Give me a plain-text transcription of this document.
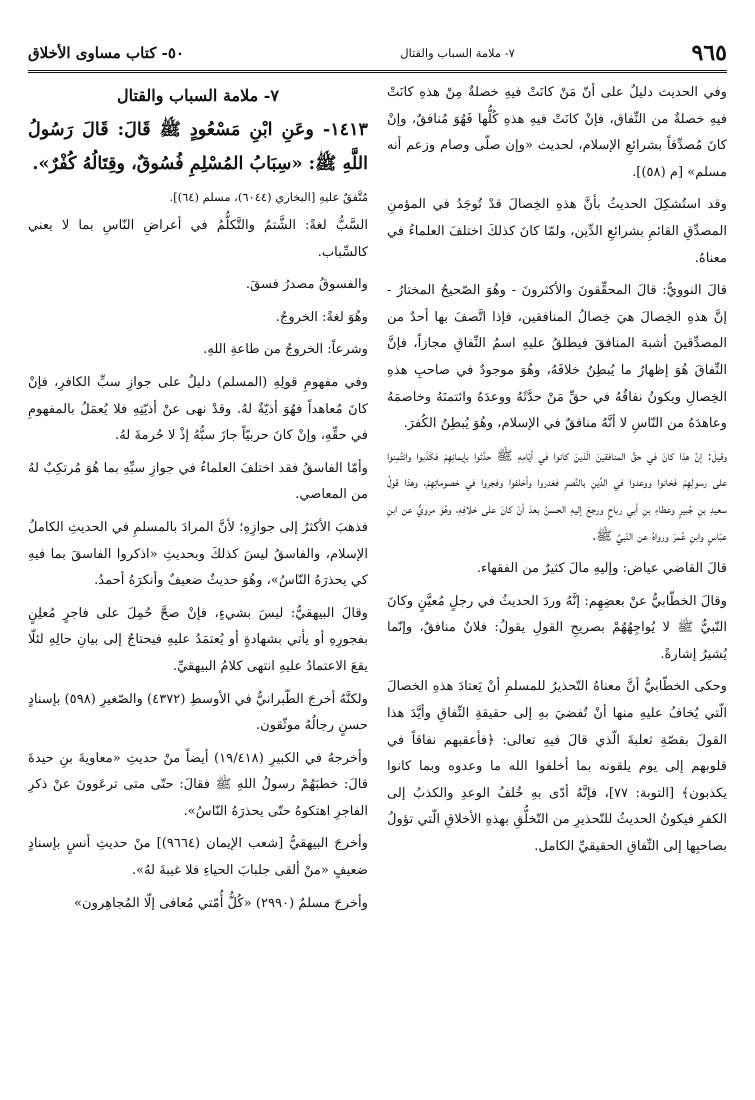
٩٦٥
٧- ملامة السباب والقتال
٥٠- كتاب مساوى الأخلاق

وفي الحديث دليلٌ على أنّ مَنْ كانَتْ فيهِ خصلةٌ مِنْ هذهِ كانَتْ فيهِ خصلةٌ من النِّفاق، فإنْ كانَتْ فيهِ هذهِ كُلُّها فَهُوَ مُنافقٌ، وإنْ كانَ مُصدِّقاً بشرائعِ الإسلام، لحديث «وإن صلّى وصام وزعم أنه مسلم» [م (٥٨)].

وقد استُشكِلَ الحديثُ بأنَّ هذهِ الخِصالَ قدْ تُوجَدُ في المؤمنِ المصدِّقِ القائمِ بشرائعِ الدِّين، ولمّا كانَ كذلكَ اختلفَ العلماءُ في معناهُ.

قالَ النوويُّ: قالَ المحقِّقونَ والأكثرونَ - وهُوَ الصّحيحُ المختارُ - إنَّ هذهِ الخِصالَ هيَ خِصالُ المنافقين، فإذا اتَّصفَ بها أحدٌ من المصدِّقينَ أشبهَ المنافقَ فيطلقُ عليهِ اسمُ النِّفاقِ مجازاً، فإنَّ النِّفاقَ هُوَ إظهارُ ما يُبطِنُ خلافَهُ، وهُوَ موجودٌ في صاحبِ هذهِ الخِصالِ ويكونُ نفاقُهُ في حقِّ مَنْ حدَّثَهُ ووعدَهُ وائتمنَهُ وخاصمَهُ وعاهدَهُ من النّاسِ لا أنَّهُ منافقٌ في الإسلام، وهُوَ يُبطِنُ الكُفرَ.

وقيلَ: إنَّ هذا كانَ في حقِّ المنافقينَ الّذينَ كانوا في أيّامِهِ ﷺ حدَّثوا بإيمانِهِمْ فكَذَبوا وائتُمِنوا على رسولِهِمْ فخانوا ووعدوا في الدِّينِ بالنَّصرِ فغدروا وأخلفوا وفجروا في خصوماتِهِمْ، وهذا قولُ سعيدِ بنِ جُبيرٍ وعطاءِ بنِ أبي رباحٍ ورجعَ إليهِ الحسنُ بعدَ أنْ كانَ على خلافِهِ، وهُوَ مرويٌّ عن ابنِ عبّاسٍ وابنِ عُمرَ ورواهُ عن النّبيِّ ﷺ.

قالَ القاضي عياض: وإليهِ مالَ كثيرٌ من الفقهاء.

وقالَ الخطّابيُّ عنْ بعضِهِم: إنَّهُ وردَ الحديثُ في رجلٍ مُعيَّنٍ وكانَ النّبيُّ ﷺ لا يُواجِهُهُمْ بصريحِ القولِ يقولُ: فلانٌ منافقٌ، وإنّما يُشيرُ إشارةً.

وحكى الخطّابيُّ أنَّ معناهُ التّحذيرُ للمسلمِ أنْ يَعتادَ هذهِ الخصالَ الّتي يُخافُ عليهِ منها أنْ تُفضيَ بهِ إلى حقيقةِ النِّفاقِ وأيَّدَ هذا القولَ بقصّةِ ثعلبةَ الّذي قالَ فيهِ تعالى: ﴿فأعقبهم نفاقاً في قلوبهم إلى يوم يلقونه بما أخلفوا الله ما وعدوه وبما كانوا يكذبون﴾ [التوبة: ٧٧]، فإنَّهُ أدّى بهِ خُلفُ الوعدِ والكذبُ إلى الكفرِ فيكونُ الحديثُ للتّحذيرِ من التّخلُّقِ بهذهِ الأخلاقِ الّتي تؤولُ بصاحبِها إلى النِّفاقِ الحقيقيِّ الكامل.

٧- ملامة السباب والقتال
١٤١٣- وعَنِ ابْنِ مَسْعُودٍ ﷺ قَالَ: قَالَ رَسُولُ اللَّهِ ﷺ: «سِبَابُ المُسْلِمِ فُسُوقٌ، وقِتَالُهُ كُفْرٌ».
مُتَّفقٌ عليهِ [البخاري (٦٠٤٤)، مسلم (٦٤)].

السَّبُّ لغةً: الشَّتمُ والتَّكلُّمُ في أعراضِ النّاسِ بما لا يعني كالسِّباب.

والفسوقُ مصدرُ فسقَ.

وهُوَ لغةً: الخروجُ.

وشرعاً: الخروجُ من طاعةِ اللهِ.

وفي مفهومِ قولِهِ (المسلم) دليلٌ على جوازِ سبِّ الكافرِ، فإنْ كانَ مُعاهداً فهُوَ أذيّةٌ لهُ. وقدْ نهى عنْ أذيّتِهِ فلا يُعمَلُ بالمفهومِ في حقِّهِ، وإنْ كانَ حربيّاً جازَ سبُّهُ إذْ لا حُرمةَ لهُ.

وأمّا الفاسقُ فقد اختلفَ العلماءُ في جوازِ سبِّهِ بما هُوَ مُرتكِبٌ لهُ من المعاصي.

فذهبَ الأكثرُ إلى جوازِهِ؛ لأنَّ المرادَ بالمسلمِ في الحديثِ الكاملُ الإسلام، والفاسقُ ليسَ كذلكَ وبحديثِ «اذكروا الفاسقَ بما فيهِ كي يحذرَهُ النّاسُ»، وهُوَ حديثٌ ضعيفٌ وأنكرَهُ أحمدُ.

وقالَ البيهقيُّ: ليسَ بشيءٍ، فإنْ صحَّ حُمِلَ على فاجرٍ مُعلِنٍ بفجورِهِ أو يأتي بشهادةٍ أو يُعتمَدُ عليهِ فيحتاجُ إلى بيانِ حالِهِ لئلّا يقعَ الاعتمادُ عليهِ انتهى كلامُ البيهقيِّ.

ولكنَّهُ أخرجَ الطّبرانيُّ في الأوسطِ (٤٣٧٢) والصّغيرِ (٥٩٨) بإسنادٍ حسنٍ رجالُهُ موثّقون.

وأخرجهُ في الكبيرِ (١٩/٤١٨) أيضاً منْ حديثِ «معاويةَ بنِ حيدةَ قالَ: خطبَهُمْ رسولُ اللهِ ﷺ فقالَ: حتّى متى ترعَوونَ عنْ ذكرِ الفاجرِ اهتكوهُ حتّى يحذرَهُ النّاسُ».

وأخرجَ البيهقيُّ [شعب الإيمان (٩٦٦٤)] منْ حديثِ أنسٍ بإسنادٍ ضعيفٍ «منْ ألقى جلبابَ الحياءِ فلا غيبةَ لهُ».

وأخرجَ مسلمٌ (٢٩٩٠) «كُلُّ أُمّتي مُعافى إلّا المُجاهِرون»
